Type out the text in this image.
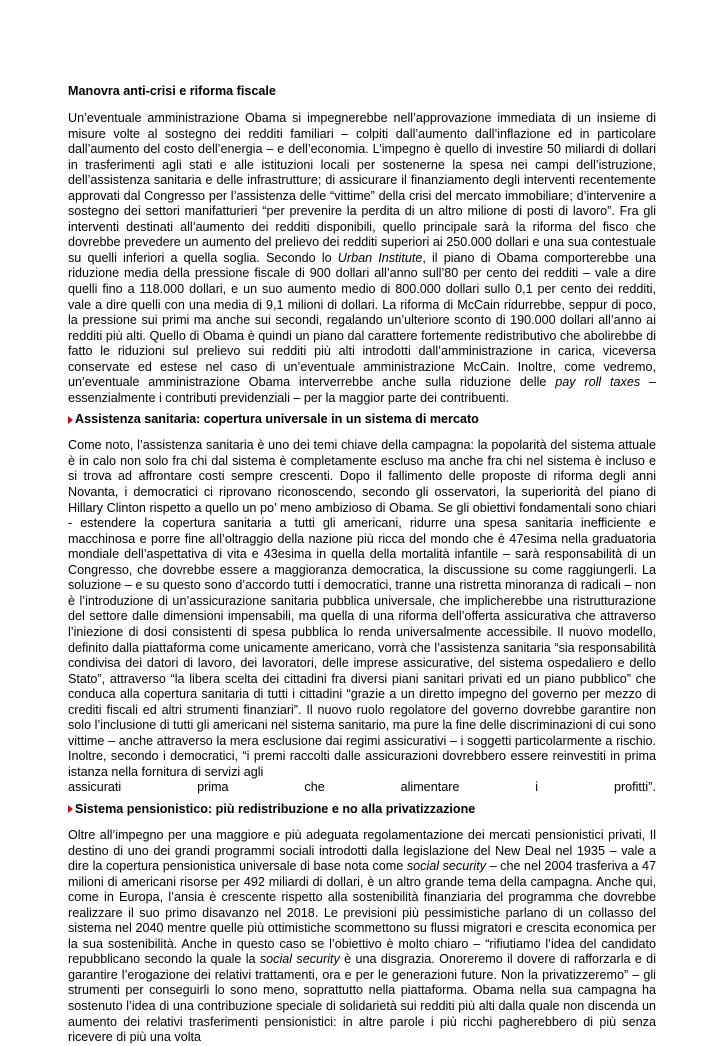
Manovra anti-crisi e riforma fiscale

Un’eventuale amministrazione Obama si impegnerebbe nell’approvazione immediata di un insieme di misure volte al sostegno dei redditi familiari – colpiti dall’aumento dall’inflazione ed in particolare dall’aumento del costo dell’energia – e dell’economia. L’impegno è quello di investire 50 miliardi di dollari in trasferimenti agli stati e alle istituzioni locali per sostenerne la spesa nei campi dell’istruzione, dell’assistenza sanitaria e delle infrastrutture; di assicurare il finanziamento degli interventi recentemente approvati dal Congresso per l’assistenza delle “vittime” della crisi del mercato immobiliare; d’intervenire a sostegno dei settori manifatturieri “per prevenire la perdita di un altro milione di posti di lavoro”. Fra gli interventi destinati all’aumento dei redditi disponibili, quello principale sarà la riforma del fisco che dovrebbe prevedere un aumento del prelievo dei redditi superiori ai 250.000 dollari e una sua contestuale su quelli inferiori a quella soglia. Secondo lo Urban Institute, il piano di Obama comporterebbe una riduzione media della pressione fiscale di 900 dollari all’anno sull’80 per cento dei redditi – vale a dire quelli fino a 118.000 dollari, e un suo aumento medio di 800.000 dollari sullo 0,1 per cento dei redditi, vale a dire quelli con una media di 9,1 milioni di dollari. La riforma di McCain ridurrebbe, seppur di poco, la pressione sui primi ma anche sui secondi, regalando un’ulteriore sconto di 190.000 dollari all’anno ai redditi più alti. Quello di Obama è quindi un piano dal carattere fortemente redistributivo che abolirebbe di fatto le riduzioni sul prelievo sui redditi più alti introdotti dall’amministrazione in carica, viceversa conservate ed estese nel caso di un’eventuale amministrazione McCain. Inoltre, come vedremo, un’eventuale amministrazione Obama interverrebbe anche sulla riduzione delle pay roll taxes – essenzialmente i contributi previdenziali – per la maggior parte dei contribuenti.

Assistenza sanitaria: copertura universale in un sistema di mercato

Come noto, l’assistenza sanitaria è uno dei temi chiave della campagna: la popolarità del sistema attuale è in calo non solo fra chi dal sistema è completamente escluso ma anche fra chi nel sistema è incluso e si trova ad affrontare costi sempre crescenti. Dopo il fallimento delle proposte di riforma degli anni Novanta, i democratici ci riprovano riconoscendo, secondo gli osservatori, la superiorità del piano di Hillary Clinton rispetto a quello un po’ meno ambizioso di Obama. Se gli obiettivi fondamentali sono chiari - estendere la copertura sanitaria a tutti gli americani, ridurre una spesa sanitaria inefficiente e macchinosa e porre fine all’oltraggio della nazione più ricca del mondo che è 47esima nella graduatoria mondiale dell’aspettativa di vita e 43esima in quella della mortalità infantile – sarà responsabilità di un Congresso, che dovrebbe essere a maggioranza democratica, la discussione su come raggiungerli. La soluzione – e su questo sono d’accordo tutti i democratici, tranne una ristretta minoranza di radicali – non è l’introduzione di un’assicurazione sanitaria pubblica universale, che implicherebbe una ristrutturazione del settore dalle dimensioni impensabili, ma quella di una riforma dell’offerta assicurativa che attraverso l’iniezione di dosi consistenti di spesa pubblica lo renda universalmente accessibile. Il nuovo modello, definito dalla piattaforma come unicamente americano, vorrà che l’assistenza sanitaria “sia responsabilità condivisa dei datori di lavoro, dei lavoratori, delle imprese assicurative, del sistema ospedaliero e dello Stato”, attraverso “la libera scelta dei cittadini fra diversi piani sanitari privati ed un piano pubblico” che conduca alla copertura sanitaria di tutti i cittadini “grazie a un diretto impegno del governo per mezzo di crediti fiscali ed altri strumenti finanziari”. Il nuovo ruolo regolatore del governo dovrebbe garantire non solo l’inclusione di tutti gli americani nel sistema sanitario, ma pure la fine delle discriminazioni di cui sono vittime – anche attraverso la mera esclusione dai regimi assicurativi – i soggetti particolarmente a rischio. Inoltre, secondo i democratici, “i premi raccolti dalle assicurazioni dovrebbero essere reinvestiti in prima istanza nella fornitura di servizi agli

assicurati	prima	che	alimentare	i	profitti”.

Sistema pensionistico: più redistribuzione e no alla privatizzazione

Oltre all’impegno per una maggiore e più adeguata regolamentazione dei mercati pensionistici privati, Il destino di uno dei grandi programmi sociali introdotti dalla legislazione del New Deal nel 1935 – vale a dire la copertura pensionistica universale di base nota come social security – che nel 2004 trasferiva a 47 milioni di americani risorse per 492 miliardi di dollari, è un altro grande tema della campagna. Anche qui, come in Europa, l’ansia è crescente rispetto alla sostenibilità finanziaria del programma che dovrebbe realizzare il suo primo disavanzo nel 2018. Le previsioni più pessimistiche parlano di un collasso del sistema nel 2040 mentre quelle più ottimistiche scommettono su flussi migratori e crescita economica per la sua sostenibilità. Anche in questo caso se l’obiettivo è molto chiaro – “rifiutiamo l’idea del candidato repubblicano secondo la quale la social security è una disgrazia. Onoreremo il dovere di rafforzarla e di garantire l’erogazione dei relativi trattamenti, ora e per le generazioni future. Non la privatizzeremo” – gli strumenti per conseguirli lo sono meno, soprattutto nella piattaforma. Obama nella sua campagna ha sostenuto l’idea di una contribuzione speciale di solidarietà sui redditi più alti dalla quale non discenda un aumento dei relativi trasferimenti pensionistici: in altre parole i più ricchi pagherebbero di più senza ricevere di più una volta
